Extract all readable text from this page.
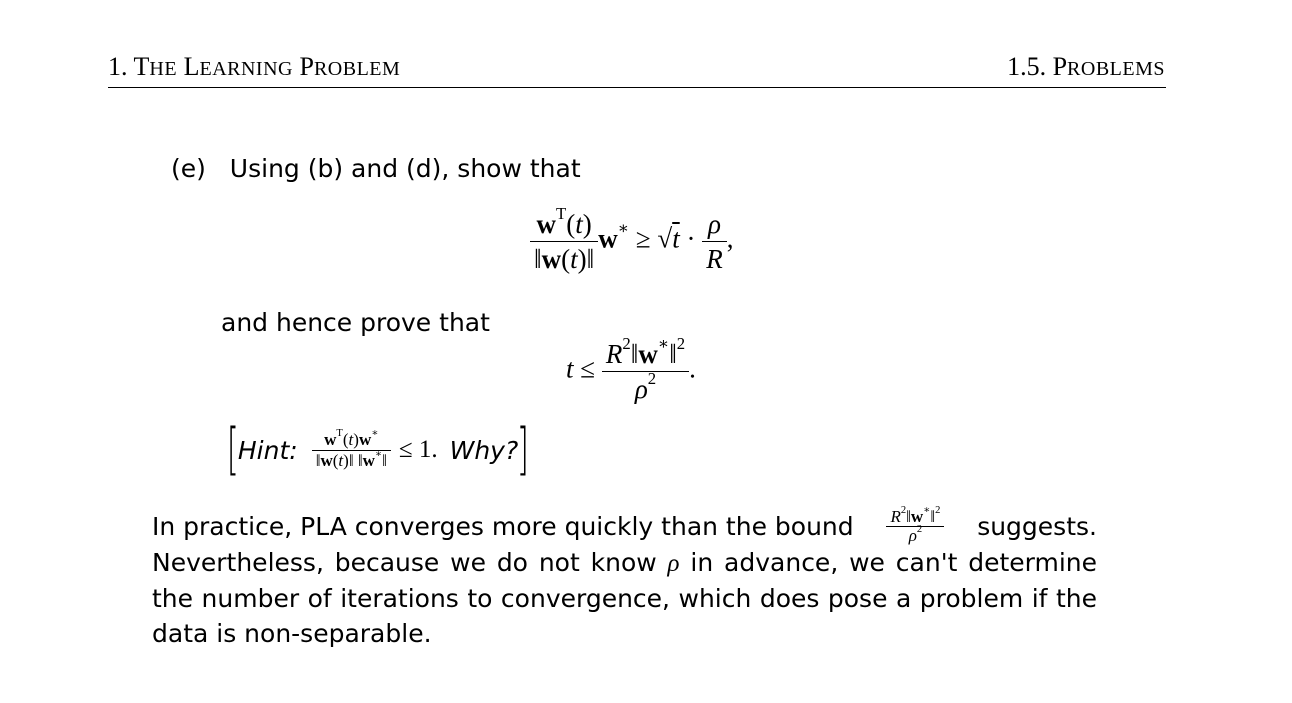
1. THE LEARNING PROBLEM	1.5. PROBLEMS
(e) Using (b) and (d), show that
$\frac{w^T(t)}{‖w(t)‖} w^∗ \ge √t \cdot \frac{\rho}{R}$ ,
and hence prove that
$t \le \frac{R^2‖w^∗‖^2}{\rho^2}$ .
[
Hint: $\frac{w^T(t)w^∗}{‖w(t)‖ ‖w^∗‖} \le 1$. Why?
]
In practice, PLA converges more quickly than the bound $\frac{R^2‖w^∗‖^2}{\rho^2}$ suggests.

Nevertheless, because we do not know ρ in advance, we can't determine the number of iterations to convergence, which does pose a problem if the data is non-separable.
